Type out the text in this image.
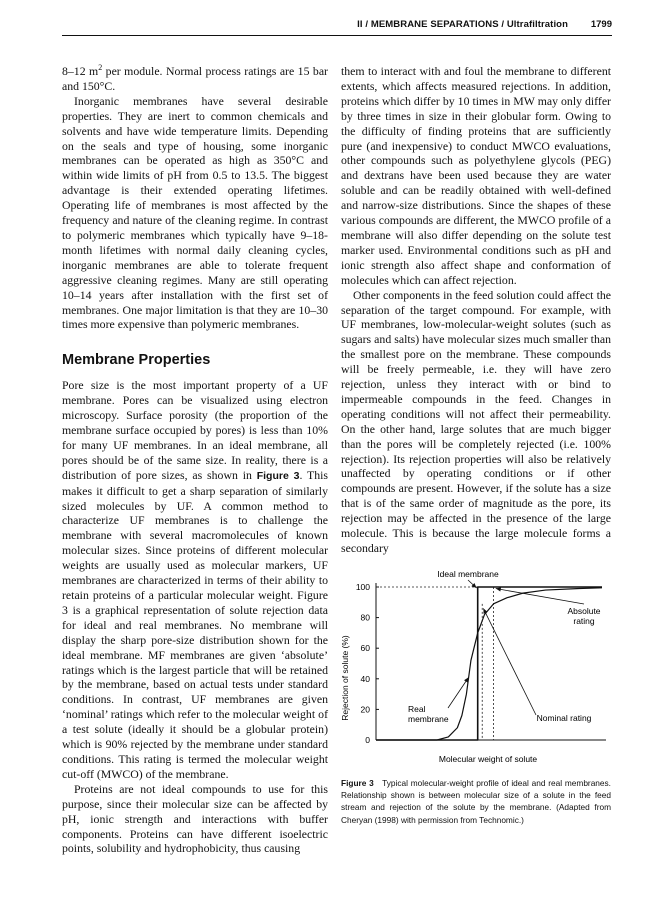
II / MEMBRANE SEPARATIONS / Ultrafiltration 1799

8–12 $m^2$ per module. Normal process ratings are 15 bar and 150°C.

Inorganic membranes have several desirable properties. They are inert to common chemicals and solvents and have wide temperature limits. Depending on the seals and type of housing, some inorganic membranes can be operated as high as 350°C and within wide limits of pH from 0.5 to 13.5. The biggest advantage is their extended operating lifetimes. Operating life of membranes is most affected by the frequency and nature of the cleaning regime. In contrast to polymeric membranes which typically have 9–18-month lifetimes with normal daily cleaning cycles, inorganic membranes are able to tolerate frequent aggressive cleaning regimes. Many are still operating 10–14 years after installation with the first set of membranes. One major limitation is that they are 10–30 times more expensive than polymeric membranes.

Membrane Properties

Pore size is the most important property of a UF membrane. Pores can be visualized using electron microscopy. Surface porosity (the proportion of the membrane surface occupied by pores) is less than 10% for many UF membranes. In an ideal membrane, all pores should be of the same size. In reality, there is a distribution of pore sizes, as shown in Figure 3. This makes it difficult to get a sharp separation of similarly sized molecules by UF. A common method to characterize UF membranes is to challenge the membrane with several macromolecules of known molecular sizes. Since proteins of different molecular weights are usually used as molecular markers, UF membranes are characterized in terms of their ability to retain proteins of a particular molecular weight. Figure 3 is a graphical representation of solute rejection data for ideal and real membranes. No membrane will display the sharp pore-size distribution shown for the ideal membrane. MF membranes are given ‘absolute’ ratings which is the largest particle that will be retained by the membrane, based on actual tests under standard conditions. In contrast, UF membranes are given ‘nominal’ ratings which refer to the molecular weight of a test solute (ideally it should be a globular protein) which is 90% rejected by the membrane under standard conditions. This rating is termed the molecular weight cut-off (MWCO) of the membrane.

Proteins are not ideal compounds to use for this purpose, since their molecular size can be affected by pH, ionic strength and interactions with buffer components. Proteins can have different isoelectric points, solubility and hydrophobicity, thus causing

them to interact with and foul the membrane to different extents, which affects measured rejections. In addition, proteins which differ by 10 times in MW may only differ by three times in size in their globular form. Owing to the difficulty of finding proteins that are sufficiently pure (and inexpensive) to conduct MWCO evaluations, other compounds such as polyethylene glycols (PEG) and dextrans have been used because they are water soluble and can be readily obtained with well-defined and narrow-size distributions. Since the shapes of these various compounds are different, the MWCO profile of a membrane will also differ depending on the solute test marker used. Environmental conditions such as pH and ionic strength also affect shape and conformation of molecules which can affect rejection.

Other components in the feed solution could affect the separation of the target compound. For example, with UF membranes, low-molecular-weight solutes (such as sugars and salts) have molecular sizes much smaller than the smallest pore on the membrane. These compounds will be freely permeable, i.e. they will have zero rejection, unless they interact with or bind to impermeable compounds in the feed. Changes in operating conditions will not affect their permeability. On the other hand, large solutes that are much bigger than the pores will be completely rejected (i.e. 100% rejection). Its rejection properties will also be relatively unaffected by operating conditions or if other compounds are present. However, if the solute has a size that is of the same order of magnitude as the pore, its rejection may be affected in the presence of the large molecule. This is because the large molecule forms a secondary

0
20
40
60
80
100
Ideal membrane
Absolute rating
Real membrane	Nominal rating
Rejection of solute (%)
Molecular weight of solute
Figure 3 Typical molecular-weight profile of ideal and real membranes. Relationship shown is between molecular size of a solute in the feed stream and rejection of the solute by the membrane. (Adapted from Cheryan (1998) with permission from Technomic.)
